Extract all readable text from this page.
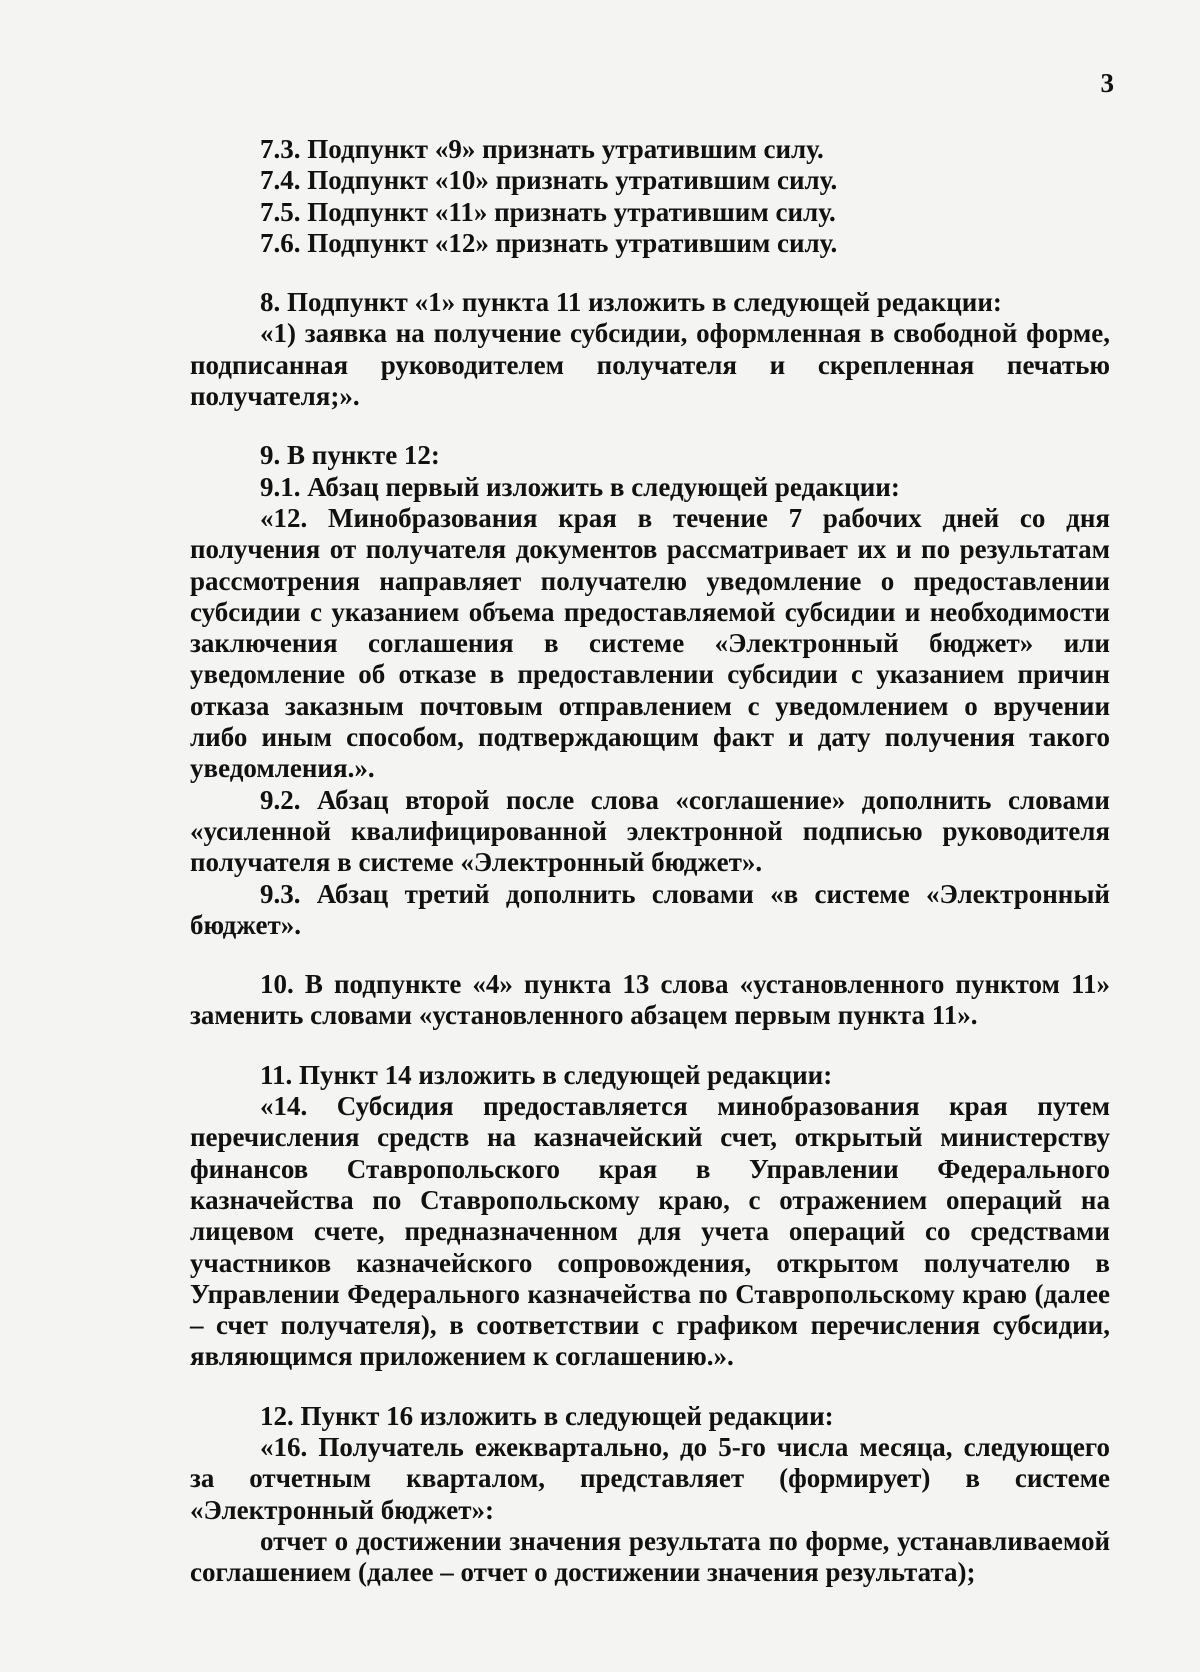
3

7.3. Подпункт «9» признать утратившим силу.

7.4. Подпункт «10» признать утратившим силу.

7.5. Подпункт «11» признать утратившим силу.

7.6. Подпункт «12» признать утратившим силу.

8. Подпункт «1» пункта 11 изложить в следующей редакции:

«1) заявка на получение субсидии, оформленная в свободной форме, подписанная руководителем получателя и скрепленная печатью получателя;».

9. В пункте 12:

9.1. Абзац первый изложить в следующей редакции:

«12. Минобразования края в течение 7 рабочих дней со дня получения от получателя документов рассматривает их и по результатам рассмотрения направляет получателю уведомление о предоставлении субсидии с указанием объема предоставляемой субсидии и необходимости заключения соглашения в системе «Электронный бюджет» или уведомление об отказе в предоставлении субсидии с указанием причин отказа заказным почтовым отправлением с уведомлением о вручении либо иным способом, подтверждающим факт и дату получения такого уведомления.».

9.2. Абзац второй после слова «соглашение» дополнить словами «усиленной квалифицированной электронной подписью руководителя получателя в системе «Электронный бюджет».

9.3. Абзац третий дополнить словами «в системе «Электронный бюджет».

10. В подпункте «4» пункта 13 слова «установленного пунктом 11» заменить словами «установленного абзацем первым пункта 11».

11. Пункт 14 изложить в следующей редакции:

«14. Субсидия предоставляется минобразования края путем перечисления средств на казначейский счет, открытый министерству финансов Ставропольского края в Управлении Федерального казначейства по Ставропольскому краю, с отражением операций на лицевом счете, предназначенном для учета операций со средствами участников казначейского сопровождения, открытом получателю в Управлении Федерального казначейства по Ставропольскому краю (далее – счет получателя), в соответствии с графиком перечисления субсидии, являющимся приложением к соглашению.».

12. Пункт 16 изложить в следующей редакции:

«16. Получатель ежеквартально, до 5-го числа месяца, следующего за отчетным кварталом, представляет (формирует) в системе «Электронный бюджет»:

отчет о достижении значения результата по форме, устанавливаемой соглашением (далее – отчет о достижении значения результата);
